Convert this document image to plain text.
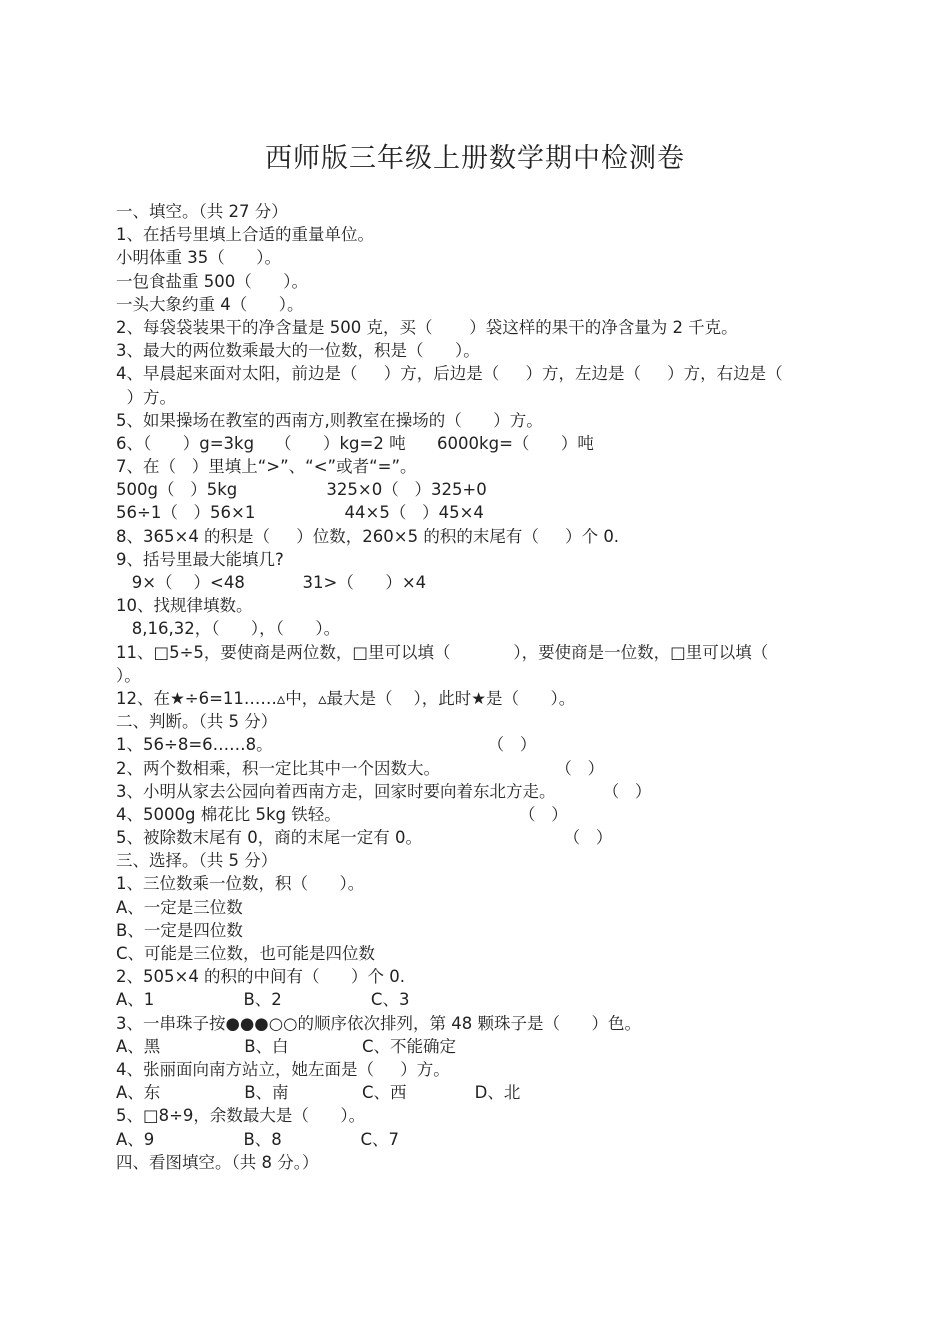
西师版三年级上册数学期中检测卷
一、填空。（共 27 分）
1、在括号里填上合适的重量单位。
小明体重 35（      ）。
一包食盐重 500（      ）。
一头大象约重 4（      ）。
2、每袋袋装果干的净含量是 500 克，买（       ）袋这样的果干的净含量为 2 千克。
3、最大的两位数乘最大的一位数，积是（      ）。
4、早晨起来面对太阳，前边是（     ）方，后边是（     ）方，左边是（     ）方，右边是（
）方。
5、如果操场在教室的西南方,则教室在操场的（      ）方。
6、（      ）g=3kg    （      ）kg=2 吨      6000kg=（      ）吨
7、在（   ）里填上“>”、“<”或者“=”。
500g（   ）5kg                 325×0（   ）325+0
56÷1（   ）56×1                 44×5（   ）45×4
8、365×4 的积是（     ）位数，260×5 的积的末尾有（     ）个 0.
9、括号里最大能填几?
9×（    ）<48           31>（      ）×4
10、找规律填数。
8,16,32，（      ），（      ）。
11、□5÷5，要使商是两位数，□里可以填（            ），要使商是一位数，□里可以填（
）。
12、在★÷6=11……▵中，▵最大是（    ），此时★是（      ）。
二、判断。（共 5 分）
1、56÷8=6……8。                                         （   ）
2、两个数相乘，积一定比其中一个因数大。                      （   ）
3、小明从家去公园向着西南方走，回家时要向着东北方走。         （   ）
4、5000g 棉花比 5kg 铁轻。                                  （   ）
5、被除数末尾有 0，商的末尾一定有 0。                           （   ）
三、选择。（共 5 分）
1、三位数乘一位数，积（      ）。
A、一定是三位数
B、一定是四位数
C、可能是三位数，也可能是四位数
2、505×4 的积的中间有（      ）个 0.
A、1                 B、2                 C、3
3、一串珠子按●●●○○的顺序依次排列，第 48 颗珠子是（      ）色。
A、黑                B、白              C、不能确定
4、张丽面向南方站立，她左面是（     ）方。
A、东                B、南              C、西             D、北
5、□8÷9，余数最大是（      ）。
A、9                 B、8               C、7
四、看图填空。（共 8 分。）
